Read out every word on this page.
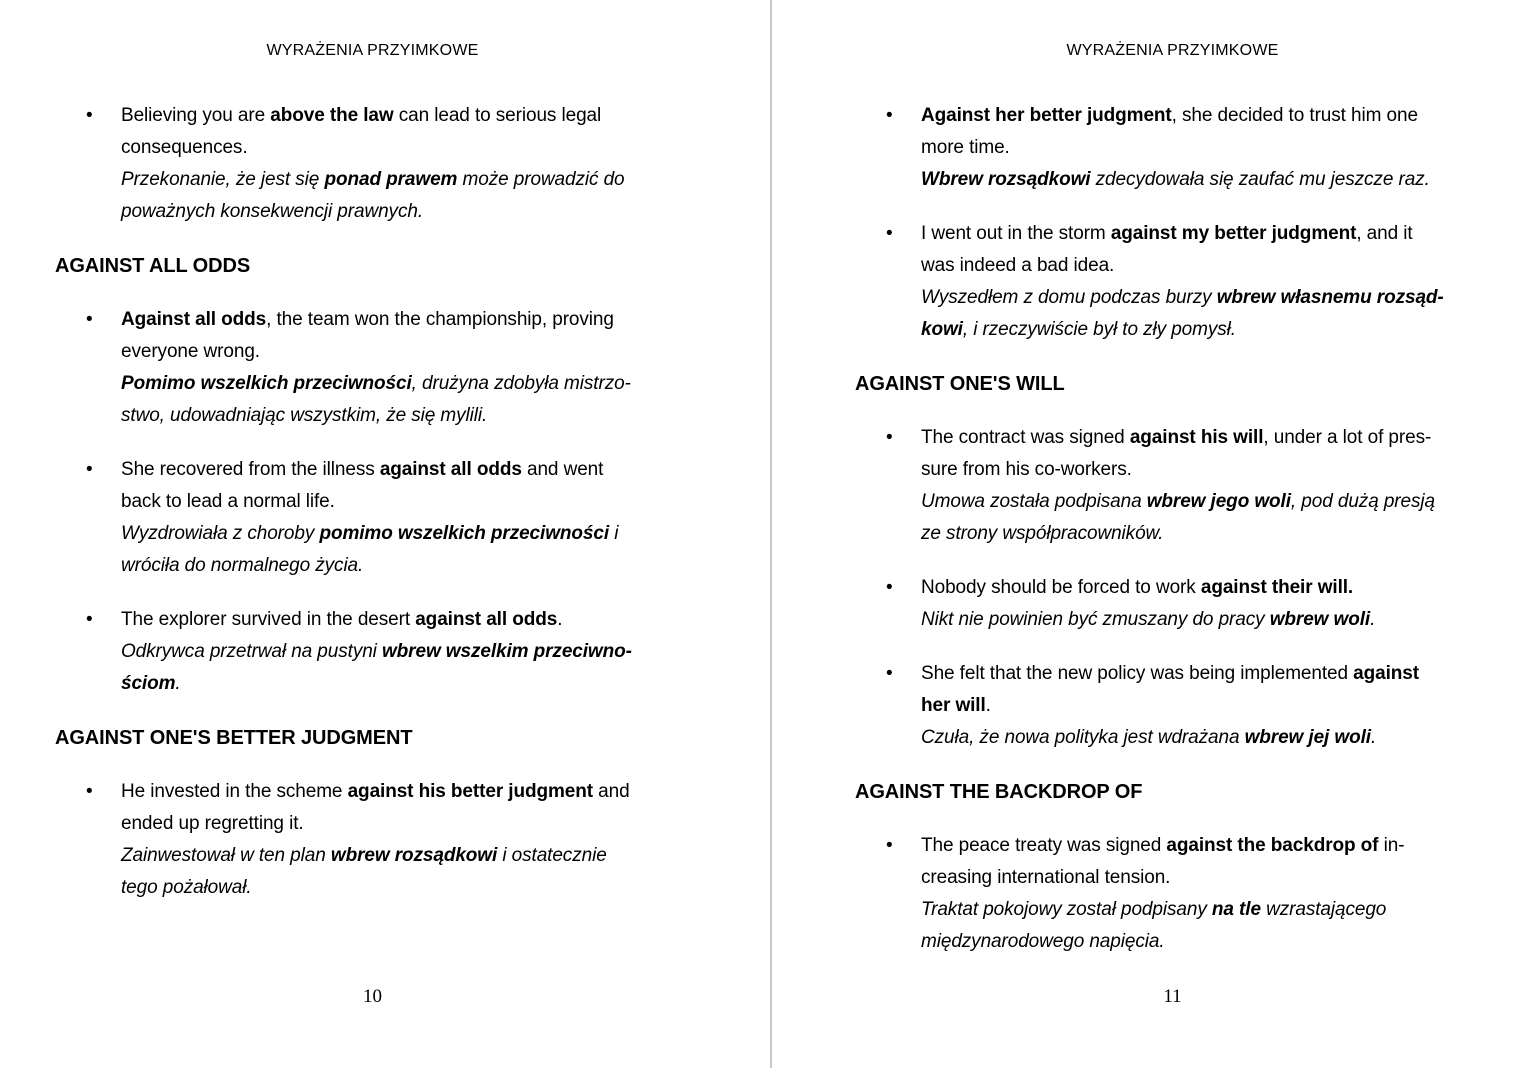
WYRAŻENIA PRZYIMKOWE
• Believing you are above the law can lead to serious legal
consequences.
Przekonanie, że jest się ponad prawem może prowadzić do
poważnych konsekwencji prawnych.
AGAINST ALL ODDS
• Against all odds, the team won the championship, proving
everyone wrong.
Pomimo wszelkich przeciwności, drużyna zdobyła mistrzo-
stwo, udowadniając wszystkim, że się mylili.
• She recovered from the illness against all odds and went
back to lead a normal life.
Wyzdrowiała z choroby pomimo wszelkich przeciwności i
wróciła do normalnego życia.
• The explorer survived in the desert against all odds.
Odkrywca przetrwał na pustyni wbrew wszelkim przeciwno-
ściom.
AGAINST ONE'S BETTER JUDGMENT
• He invested in the scheme against his better judgment and
ended up regretting it.
Zainwestował w ten plan wbrew rozsądkowi i ostatecznie
tego pożałował.
10
WYRAŻENIA PRZYIMKOWE
• Against her better judgment, she decided to trust him one
more time.
Wbrew rozsądkowi zdecydowała się zaufać mu jeszcze raz.
• I went out in the storm against my better judgment, and it
was indeed a bad idea.
Wyszedłem z domu podczas burzy wbrew własnemu rozsąd-
kowi, i rzeczywiście był to zły pomysł.
AGAINST ONE'S WILL
• The contract was signed against his will, under a lot of pres-
sure from his co-workers.
Umowa została podpisana wbrew jego woli, pod dużą presją
ze strony współpracowników.
• Nobody should be forced to work against their will.
Nikt nie powinien być zmuszany do pracy wbrew woli.
• She felt that the new policy was being implemented against
her will.
Czuła, że nowa polityka jest wdrażana wbrew jej woli.
AGAINST THE BACKDROP OF
• The peace treaty was signed against the backdrop of in-
creasing international tension.
Traktat pokojowy został podpisany na tle wzrastającego
międzynarodowego napięcia.
11
